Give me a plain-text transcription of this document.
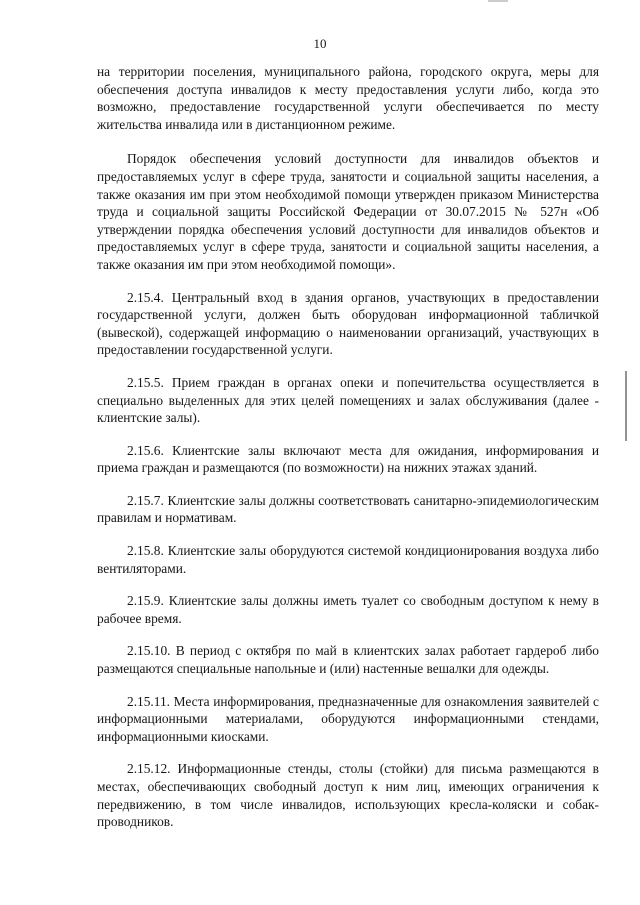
10

на территории поселения, муниципального района, городского округа, меры для обеспечения доступа инвалидов к месту предоставления услуги либо, когда это возможно, предоставление государственной услуги обеспечивается по месту жительства инвалида или в дистанционном режиме.

Порядок обеспечения условий доступности для инвалидов объектов и предоставляемых услуг в сфере труда, занятости и социальной защиты населения, а также оказания им при этом необходимой помощи утвержден приказом Министерства труда и социальной защиты Российской Федерации от 30.07.2015 № 527н «Об утверждении порядка обеспечения условий доступности для инвалидов объектов и предоставляемых услуг в сфере труда, занятости и социальной защиты населения, а также оказания им при этом необходимой помощи».

2.15.4. Центральный вход в здания органов, участвующих в предоставлении государственной услуги, должен быть оборудован информационной табличкой (вывеской), содержащей информацию о наименовании организаций, участвующих в предоставлении государственной услуги.

2.15.5. Прием граждан в органах опеки и попечительства осуществляется в специально выделенных для этих целей помещениях и залах обслуживания (далее - клиентские залы).

2.15.6. Клиентские залы включают места для ожидания, информирования и приема граждан и размещаются (по возможности) на нижних этажах зданий.

2.15.7. Клиентские залы должны соответствовать санитарно-эпидемиологическим правилам и нормативам.

2.15.8. Клиентские залы оборудуются системой кондиционирования воздуха либо вентиляторами.

2.15.9. Клиентские залы должны иметь туалет со свободным доступом к нему в рабочее время.

2.15.10. В период с октября по май в клиентских залах работает гардероб либо размещаются специальные напольные и (или) настенные вешалки для одежды.

2.15.11. Места информирования, предназначенные для ознакомления заявителей с информационными материалами, оборудуются информационными стендами, информационными киосками.

2.15.12. Информационные стенды, столы (стойки) для письма размещаются в местах, обеспечивающих свободный доступ к ним лиц, имеющих ограничения к передвижению, в том числе инвалидов, использующих кресла-коляски и собак-проводников.
